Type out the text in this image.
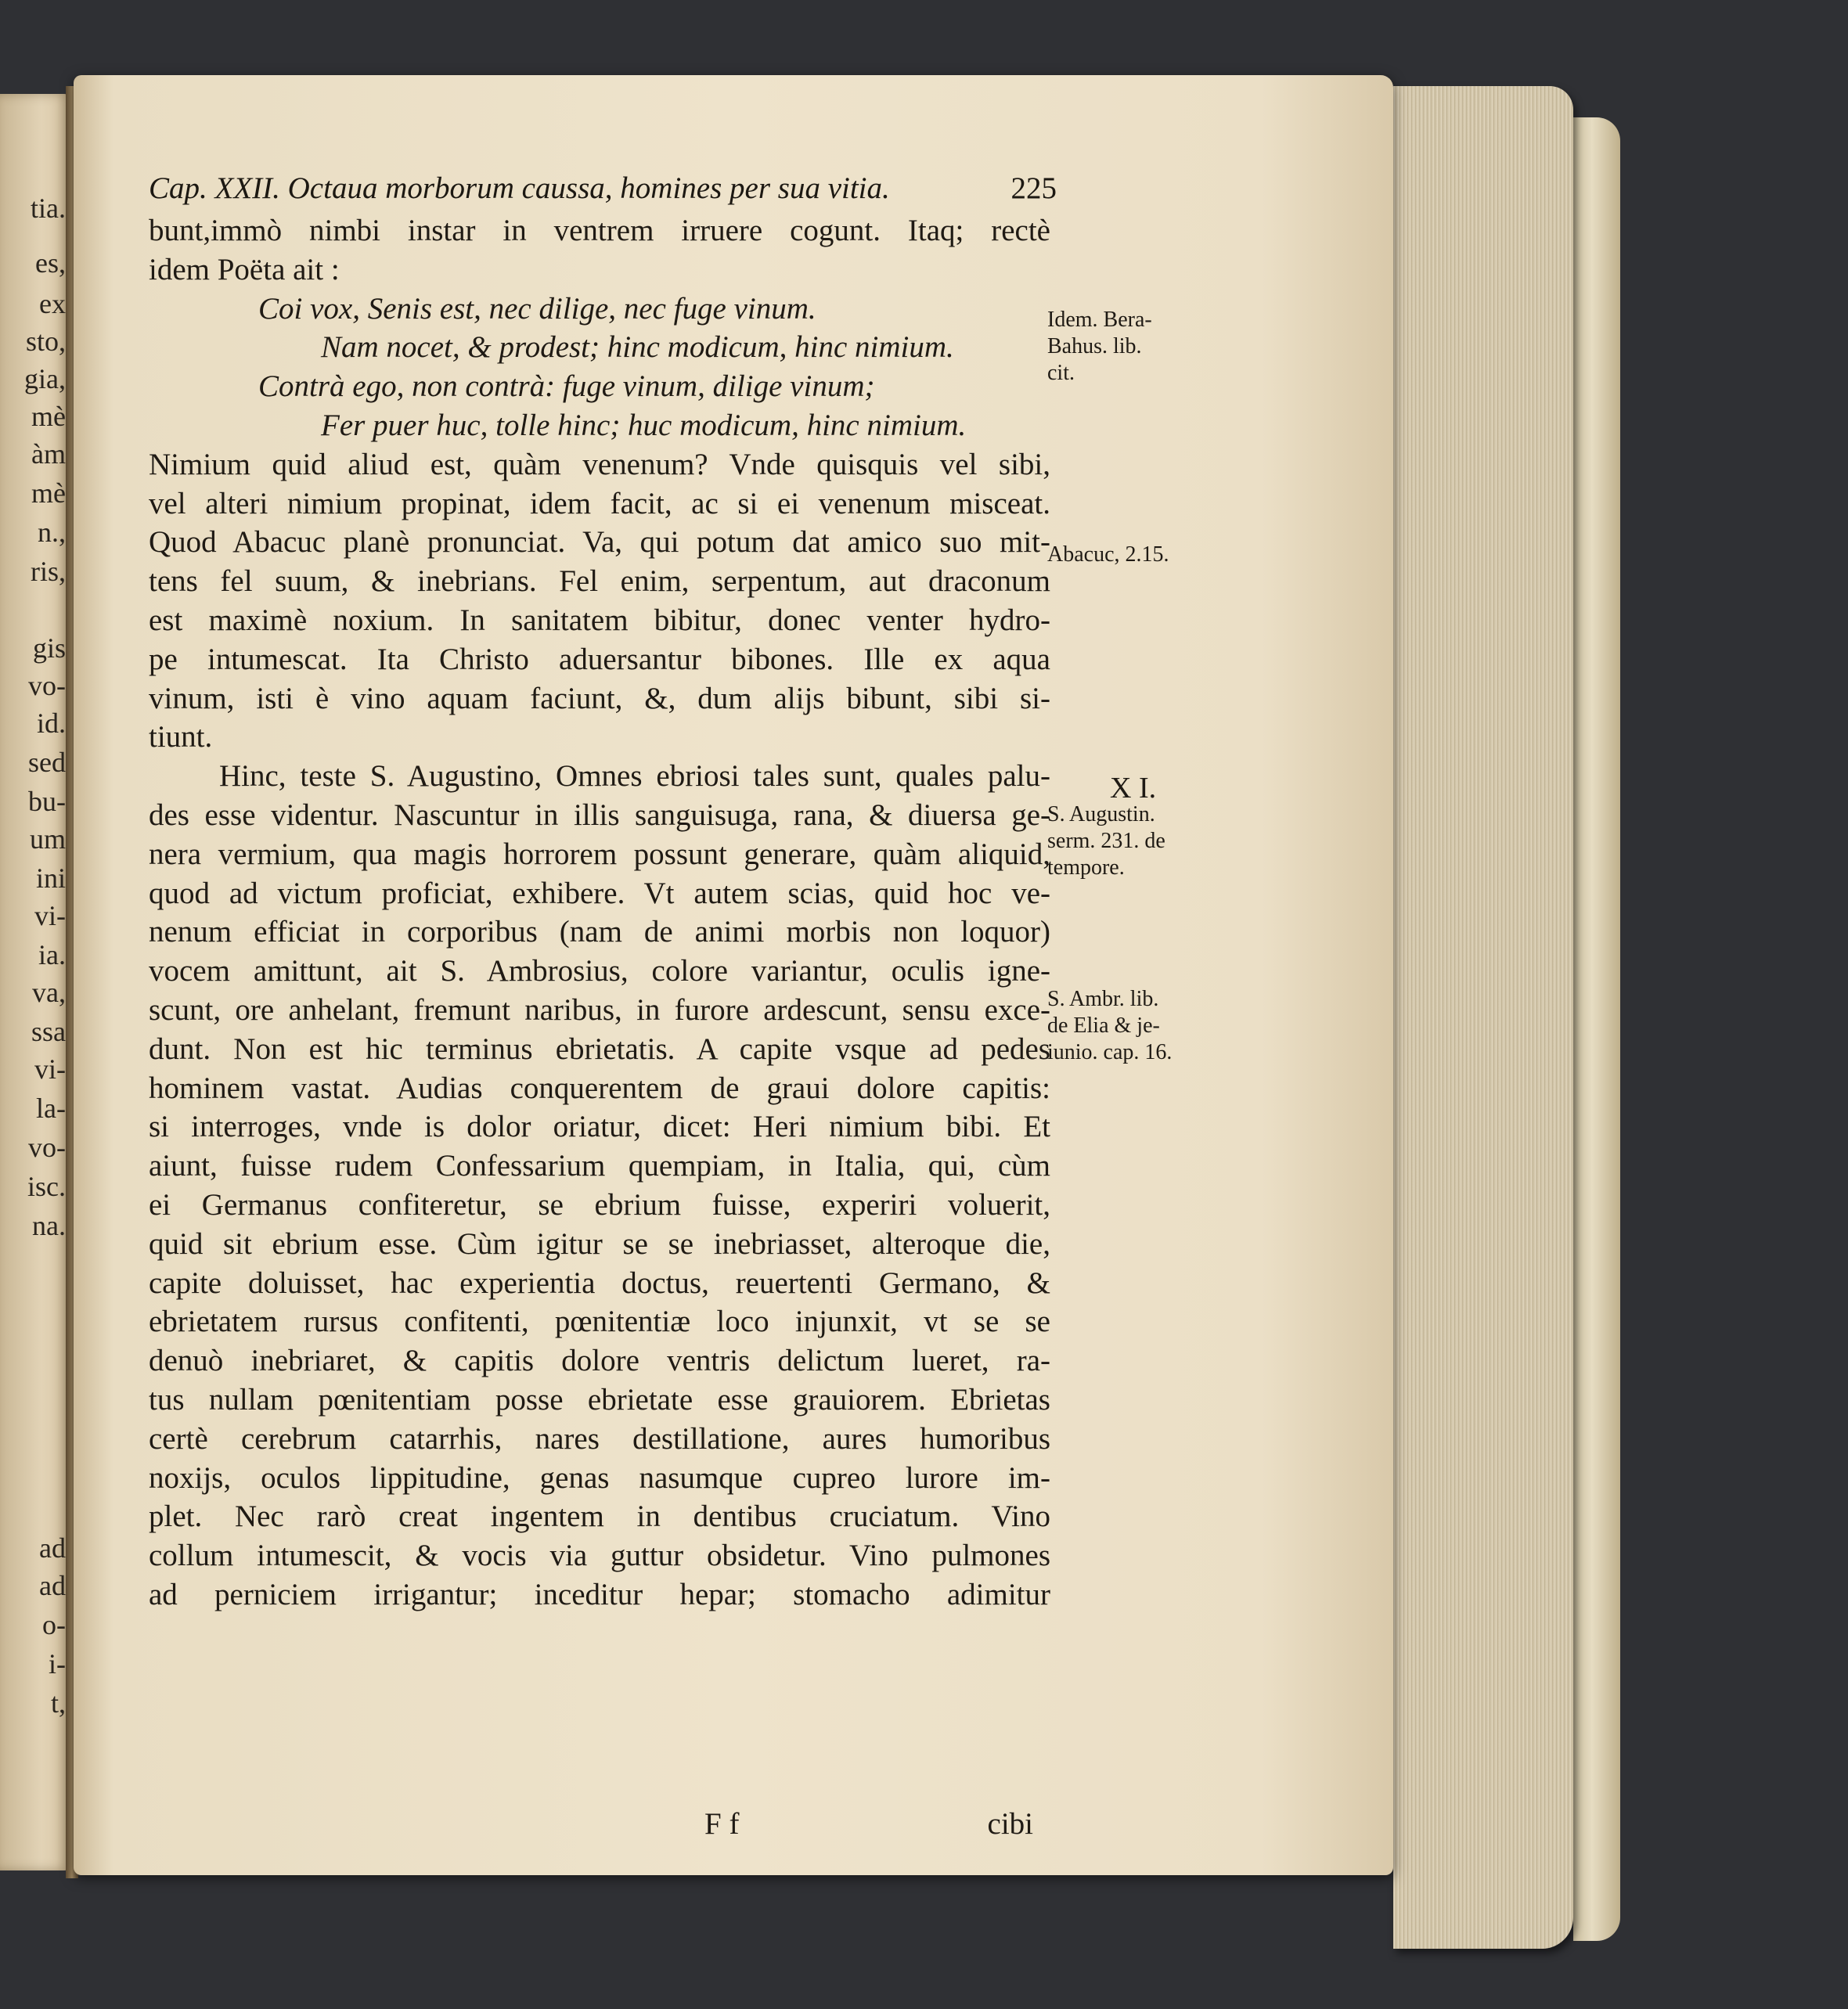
tia.
es,
ex
sto,
gia,
mè
àm
mè
n.,
ris,
gis
vo-
id.
sed
bu-
um
ini
vi-
ia.
va,
ssa
vi-
la-
vo-
isc.
na.
ad
ad
o-
i-
t,
Cap. XXII. Octaua morborum caussa, homines per sua vitia.	225
bunt,immò nimbi instar in ventrem irruere cogunt. Itaq; rectè
idem Poëta ait :
Coi vox, Senis est, nec dilige, nec fuge vinum.
Nam nocet, & prodest; hinc modicum, hinc nimium.
Contrà ego, non contrà: fuge vinum, dilige vinum;
Fer puer huc, tolle hinc; huc modicum, hinc nimium.
Nimium quid aliud est, quàm venenum? Vnde quisquis vel sibi,
vel alteri nimium propinat, idem facit, ac si ei venenum misceat.
Quod Abacuc planè pronunciat. Va, qui potum dat amico suo mit-
tens fel suum, & inebrians. Fel enim, serpentum, aut draconum
est maximè noxium. In sanitatem bibitur, donec venter hydro-
pe intumescat. Ita Christo aduersantur bibones. Ille ex aqua
vinum, isti è vino aquam faciunt, &, dum alijs bibunt, sibi si-
tiunt.
Hinc, teste S. Augustino, Omnes ebriosi tales sunt, quales palu-
des esse videntur. Nascuntur in illis sanguisuga, rana, & diuersa ge-
nera vermium, qua magis horrorem possunt generare, quàm aliquid,
quod ad victum proficiat, exhibere. Vt autem scias, quid hoc ve-
nenum efficiat in corporibus (nam de animi morbis non loquor)
vocem amittunt, ait S. Ambrosius, colore variantur, oculis igne-
scunt, ore anhelant, fremunt naribus, in furore ardescunt, sensu exce-
dunt. Non est hic terminus ebrietatis. A capite vsque ad pedes
hominem vastat. Audias conquerentem de graui dolore capitis:
si interroges, vnde is dolor oriatur, dicet: Heri nimium bibi. Et
aiunt, fuisse rudem Confessarium quempiam, in Italia, qui, cùm
ei Germanus confiteretur, se ebrium fuisse, experiri voluerit,
quid sit ebrium esse. Cùm igitur se se inebriasset, alteroque die,
capite doluisset, hac experientia doctus, reuertenti Germano, &
ebrietatem rursus confitenti, pœnitentiæ loco injunxit, vt se se
denuò inebriaret, & capitis dolore ventris delictum lueret, ra-
tus nullam pœnitentiam posse ebrietate esse grauiorem. Ebrietas
certè cerebrum catarrhis, nares destillatione, aures humoribus
noxijs, oculos lippitudine, genas nasumque cupreo lurore im-
plet. Nec rarò creat ingentem in dentibus cruciatum. Vino
collum intumescit, & vocis via guttur obsidetur. Vino pulmones
ad perniciem irrigantur; inceditur hepar; stomacho adimitur
Idem. Bera-
Bahus. lib.
cit.
Abacuc, 2.15.
X I.
S. Augustin.
serm. 231. de
tempore.
S. Ambr. lib.
de Elia & je-
iunio. cap. 16.
F f	cibi
